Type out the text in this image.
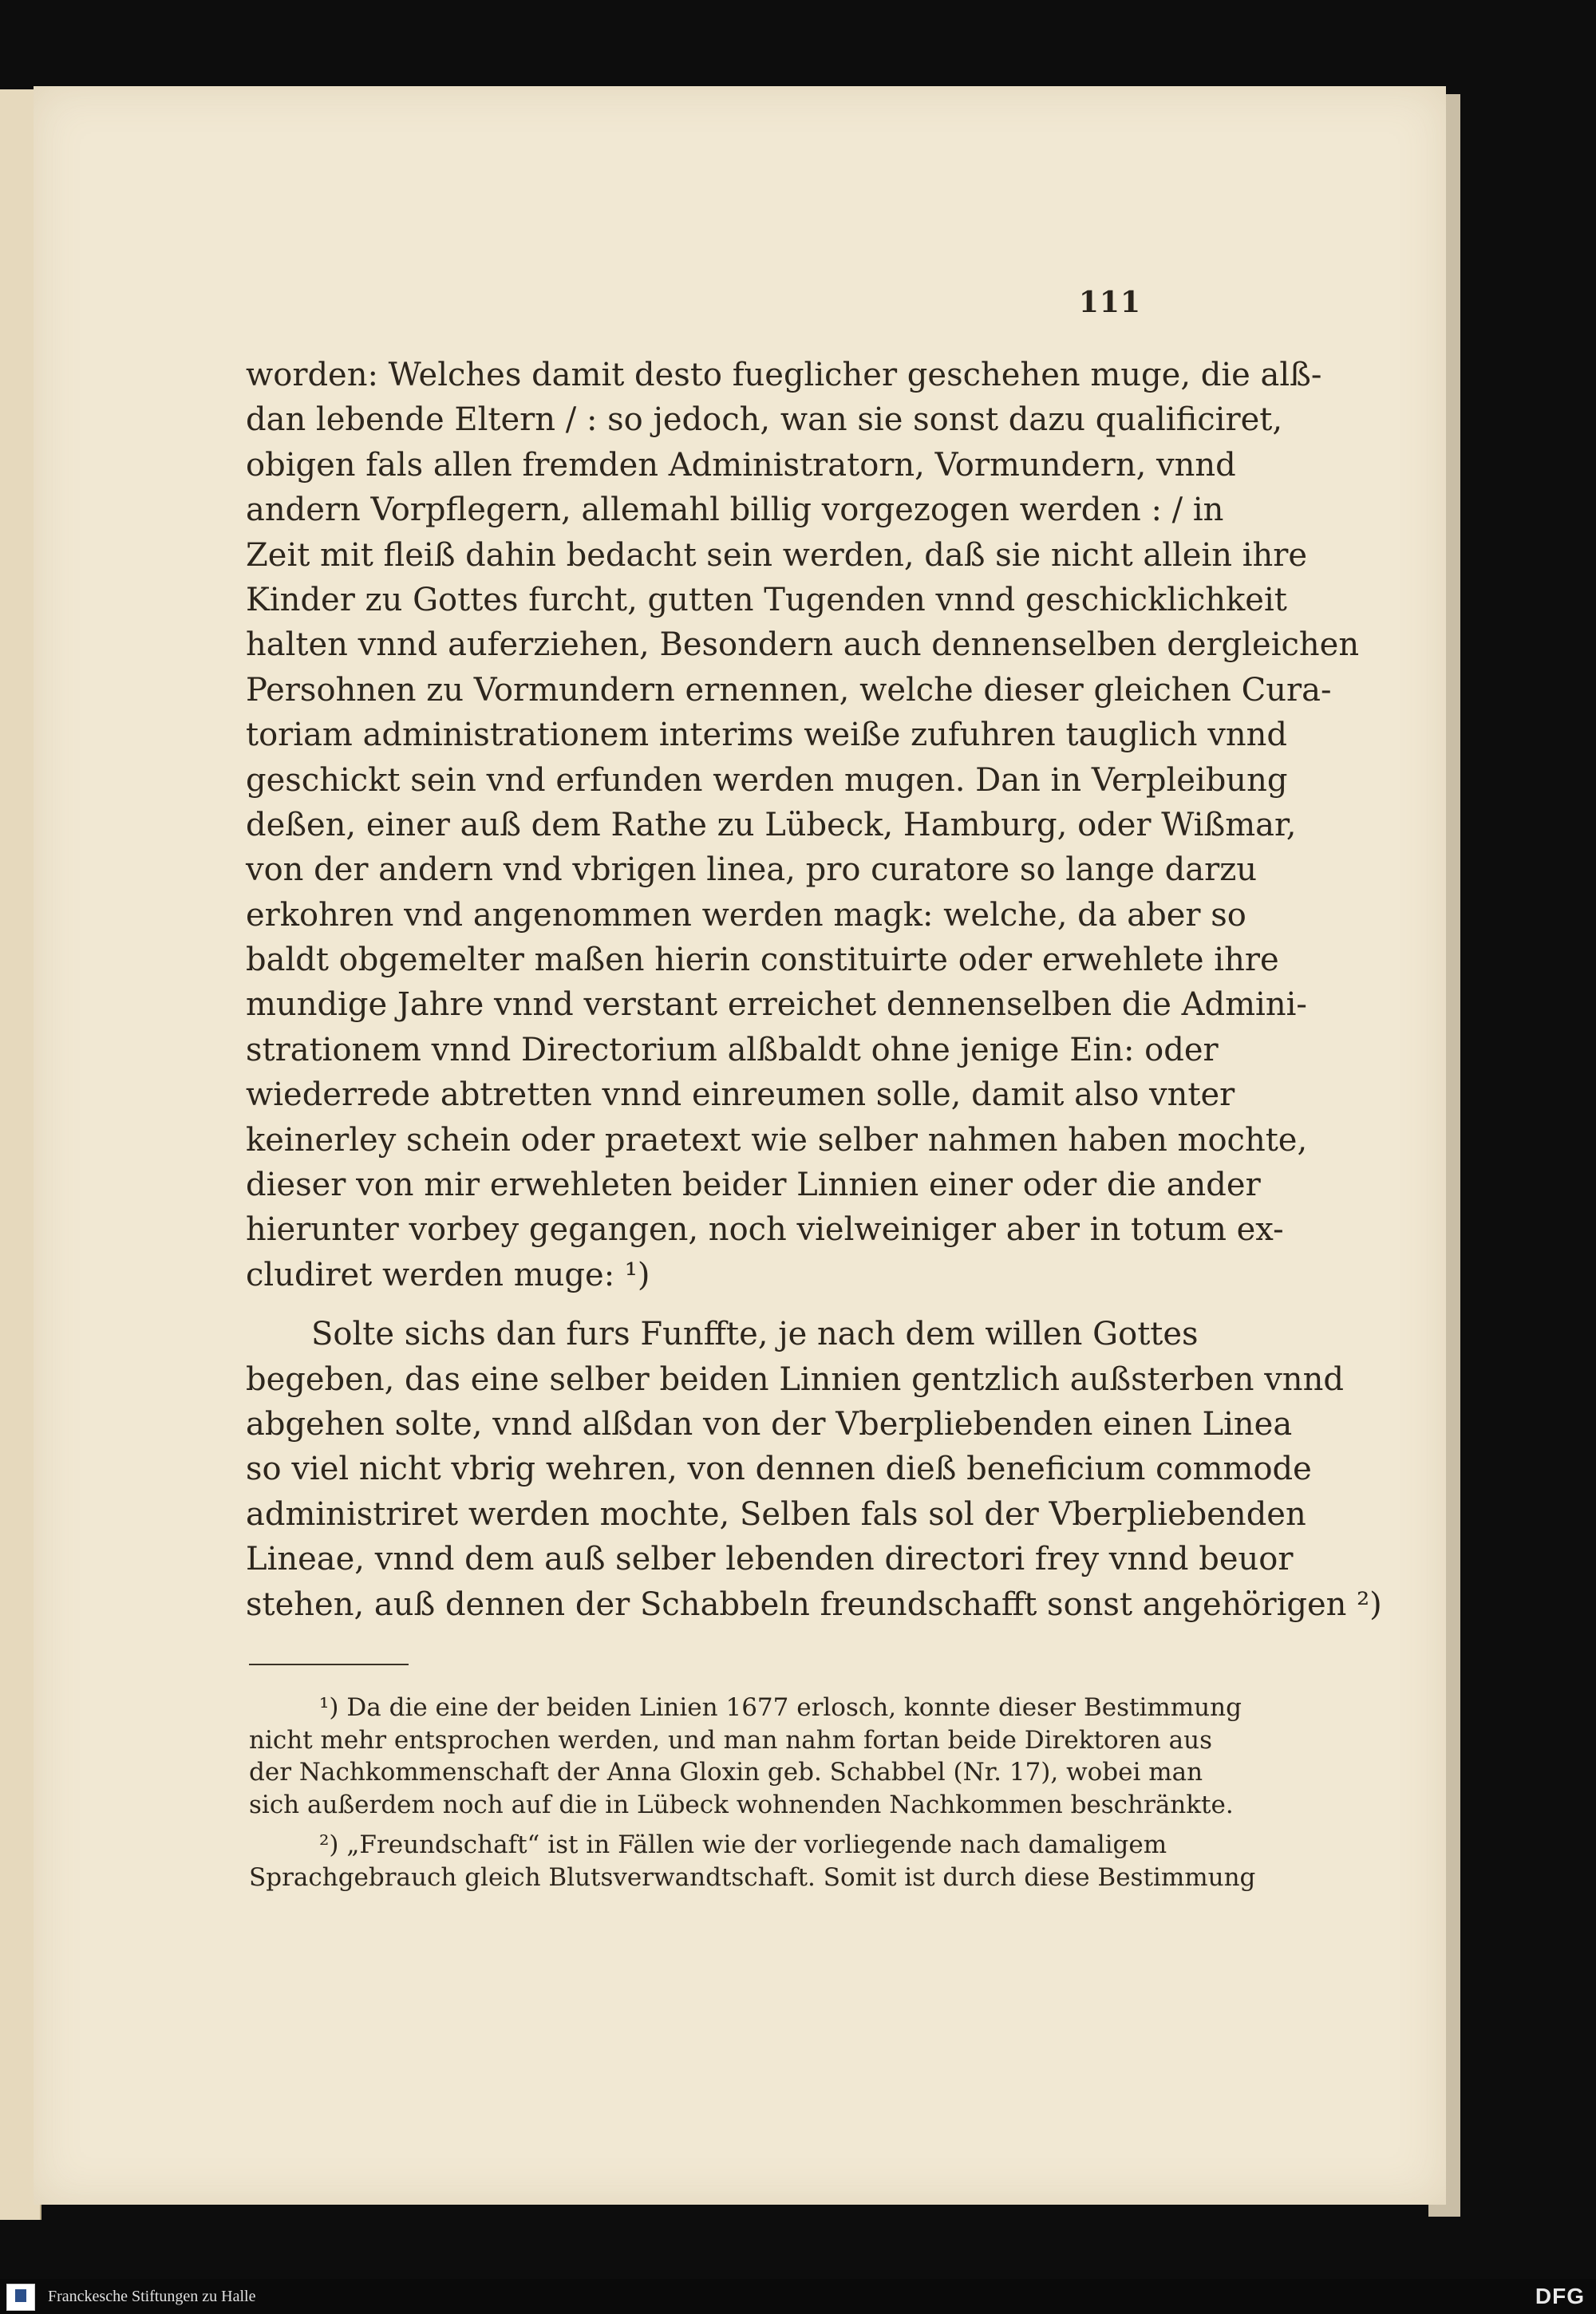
111
worden: Welches damit desto fueglicher geschehen muge, die alß-
dan lebende Eltern / : so jedoch, wan sie sonst dazu qualificiret,
obigen fals allen fremden Administratorn, Vormundern, vnnd
andern Vorpflegern, allemahl billig vorgezogen werden : / in
Zeit mit fleiß dahin bedacht sein werden, daß sie nicht allein ihre
Kinder zu Gottes furcht, gutten Tugenden vnnd geschicklichkeit
halten vnnd auferziehen, Besondern auch dennenselben dergleichen
Persohnen zu Vormundern ernennen, welche dieser gleichen Cura-
toriam administrationem interims weiße zufuhren tauglich vnnd
geschickt sein vnd erfunden werden mugen. Dan in Verpleibung
deßen, einer auß dem Rathe zu Lübeck, Hamburg, oder Wißmar,
von der andern vnd vbrigen linea, pro curatore so lange darzu
erkohren vnd angenommen werden magk: welche, da aber so
baldt obgemelter maßen hierin constituirte oder erwehlete ihre
mundige Jahre vnnd verstant erreichet dennenselben die Admini-
strationem vnnd Directorium alßbaldt ohne jenige Ein: oder
wiederrede abtretten vnnd einreumen solle, damit also vnter
keinerley schein oder praetext wie selber nahmen haben mochte,
dieser von mir erwehleten beider Linnien einer oder die ander
hierunter vorbey gegangen, noch vielweiniger aber in totum ex-
cludiret werden muge: ¹)
Solte sichs dan furs Funffte, je nach dem willen Gottes
begeben, das eine selber beiden Linnien gentzlich außsterben vnnd
abgehen solte, vnnd alßdan von der Vberpliebenden einen Linea
so viel nicht vbrig wehren, von dennen dieß beneficium commode
administriret werden mochte, Selben fals sol der Vberpliebenden
Lineae, vnnd dem auß selber lebenden directori frey vnnd beuor
stehen, auß dennen der Schabbeln freundschafft sonst angehörigen ²)
¹) Da die eine der beiden Linien 1677 erlosch, konnte dieser Bestimmung
nicht mehr entsprochen werden, und man nahm fortan beide Direktoren aus
der Nachkommenschaft der Anna Gloxin geb. Schabbel (Nr. 17), wobei man
sich außerdem noch auf die in Lübeck wohnenden Nachkommen beschränkte.
²) „Freundschaft“ ist in Fällen wie der vorliegende nach damaligem
Sprachgebrauch gleich Blutsverwandtschaft. Somit ist durch diese Bestimmung
Franckesche Stiftungen zu Halle	DFG
